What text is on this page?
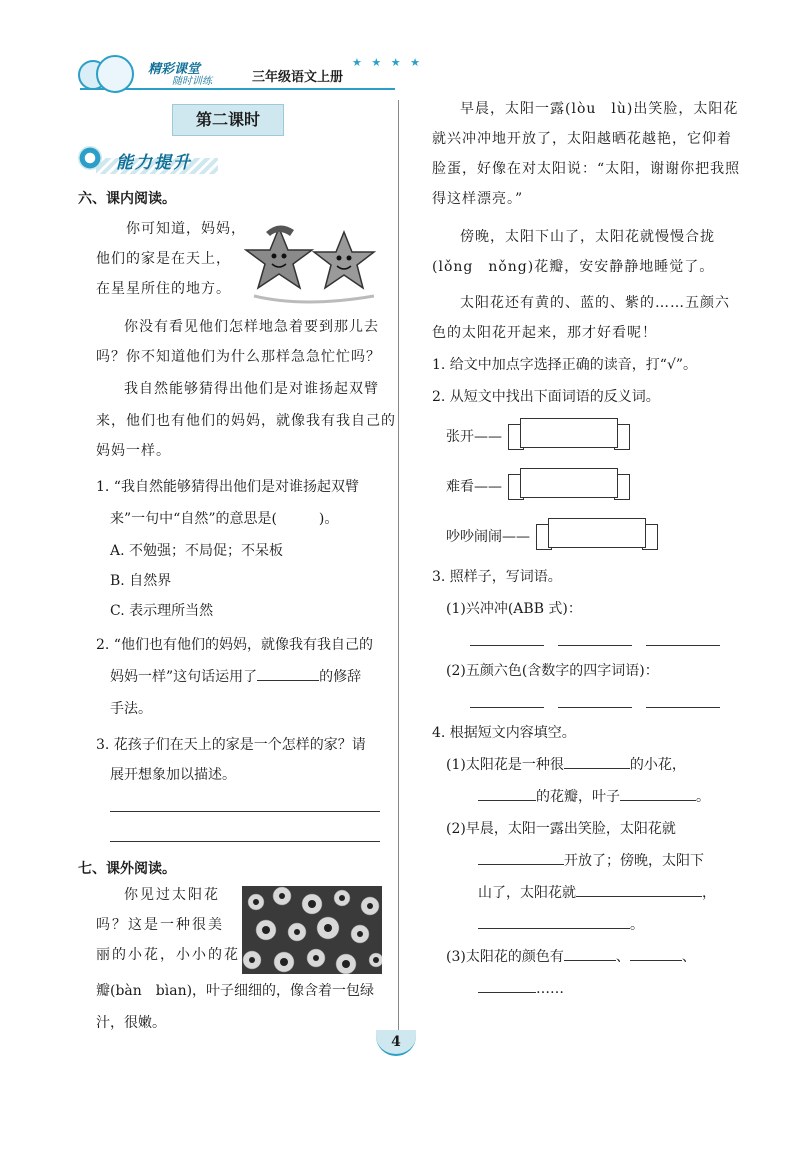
精彩课堂
随时训练	三年级语文上册
★ ★ ★ ★
第二课时
能力提升
六、课内阅读。
你可知道，妈妈，
他们的家是在天上，
在星星所住的地方。
你没有看见他们怎样地急着要到那儿去
吗？你不知道他们为什么那样急急忙忙吗？
我自然能够猜得出他们是对谁扬起双臂
来，他们也有他们的妈妈，就像我有我自己的
妈妈一样。
1. “我自然能够猜得出他们是对谁扬起双臂
来”一句中“自然”的意思是(　　　)。
A. 不勉强；不局促；不呆板
B. 自然界
C. 表示理所当然
2. “他们也有他们的妈妈，就像我有我自己的
妈妈一样”这句话运用了	的修辞
手法。
3. 花孩子们在天上的家是一个怎样的家？请
展开想象加以描述。
七、课外阅读。
你见过太阳花
吗？这是一种很美
丽的小花，小小的花
瓣(bàn　bìan)，叶子细细的，像含着一包绿
汁，很嫩。
早晨，太阳一露(lòu　lù)出笑脸，太阳花
就兴冲冲地开放了，太阳越晒花越艳，它仰着
脸蛋，好像在对太阳说：“太阳，谢谢你把我照
得这样漂亮。”
傍晚，太阳下山了，太阳花就慢慢合拢
(lǒng　nǒng)花瓣，安安静静地睡觉了。
太阳花还有黄的、蓝的、紫的……五颜六
色的太阳花开起来，那才好看呢！
1. 给文中加点字选择正确的读音，打“√”。
2. 从短文中找出下面词语的反义词。
张开——
难看——
吵吵闹闹——
3. 照样子，写词语。
(1)兴冲冲(ABB 式)：
(2)五颜六色(含数字的四字词语)：
4. 根据短文内容填空。
(1)太阳花是一种很	的小花，
的花瓣，叶子	。
(2)早晨，太阳一露出笑脸，太阳花就
开放了；傍晚，太阳下
山了，太阳花就	，
。
(3)太阳花的颜色有	、	、
……
4
